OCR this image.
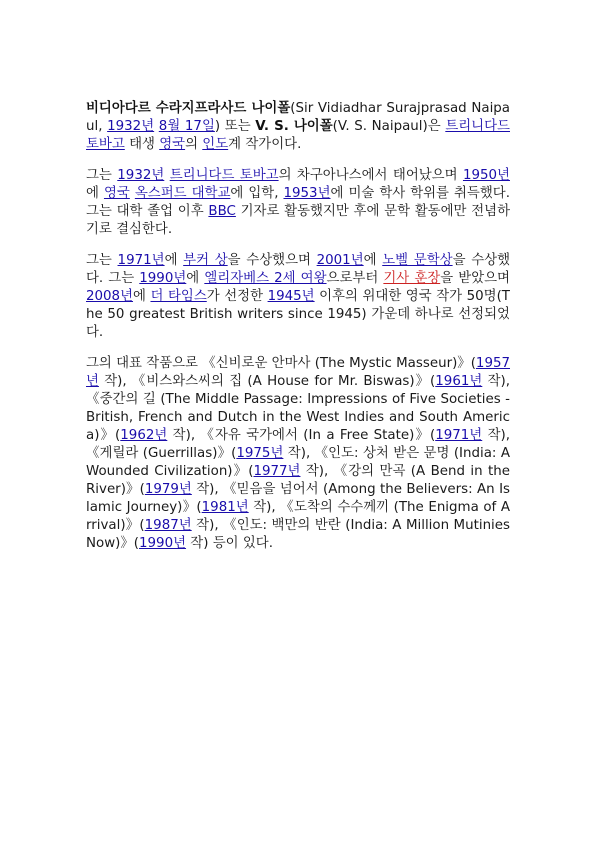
비디아다르 수라지프라사드 나이폴(Sir Vidiadhar Surajprasad Naipaul, 1932년 8월 17일) 또는 V. S. 나이폴(V. S. Naipaul)은 트리니다드 토바고 태생 영국의 인도계 작가이다.

그는 1932년 트리니다드 토바고의 차구아나스에서 태어났으며 1950년에 영국 옥스퍼드 대학교에 입학, 1953년에 미술 학사 학위를 취득했다. 그는 대학 졸업 이후 BBC 기자로 활동했지만 후에 문학 활동에만 전념하기로 결심한다.

그는 1971년에 부커 상을 수상했으며 2001년에 노벨 문학상을 수상했다. 그는 1990년에 엘리자베스 2세 여왕으로부터 기사 훈장을 받았으며 2008년에 더 타임스가 선정한 1945년 이후의 위대한 영국 작가 50명(The 50 greatest British writers since 1945) 가운데 하나로 선정되었다.

그의 대표 작품으로 《신비로운 안마사 (The Mystic Masseur)》(1957년 작), 《비스와스씨의 집 (A House for Mr. Biswas)》(1961년 작), 《중간의 길 (The Middle Passage: Impressions of Five Societies - British, French and Dutch in the West Indies and South America)》(1962년 작), 《자유 국가에서 (In a Free State)》(1971년 작), 《게릴라 (Guerrillas)》(1975년 작), 《인도: 상처 받은 문명 (India: A Wounded Civilization)》(1977년 작), 《강의 만곡 (A Bend in the River)》(1979년 작), 《믿음을 넘어서 (Among the Believers: An Islamic Journey)》(1981년 작), 《도착의 수수께끼 (The Enigma of Arrival)》(1987년 작), 《인도: 백만의 반란 (India: A Million Mutinies Now)》(1990년 작) 등이 있다.
